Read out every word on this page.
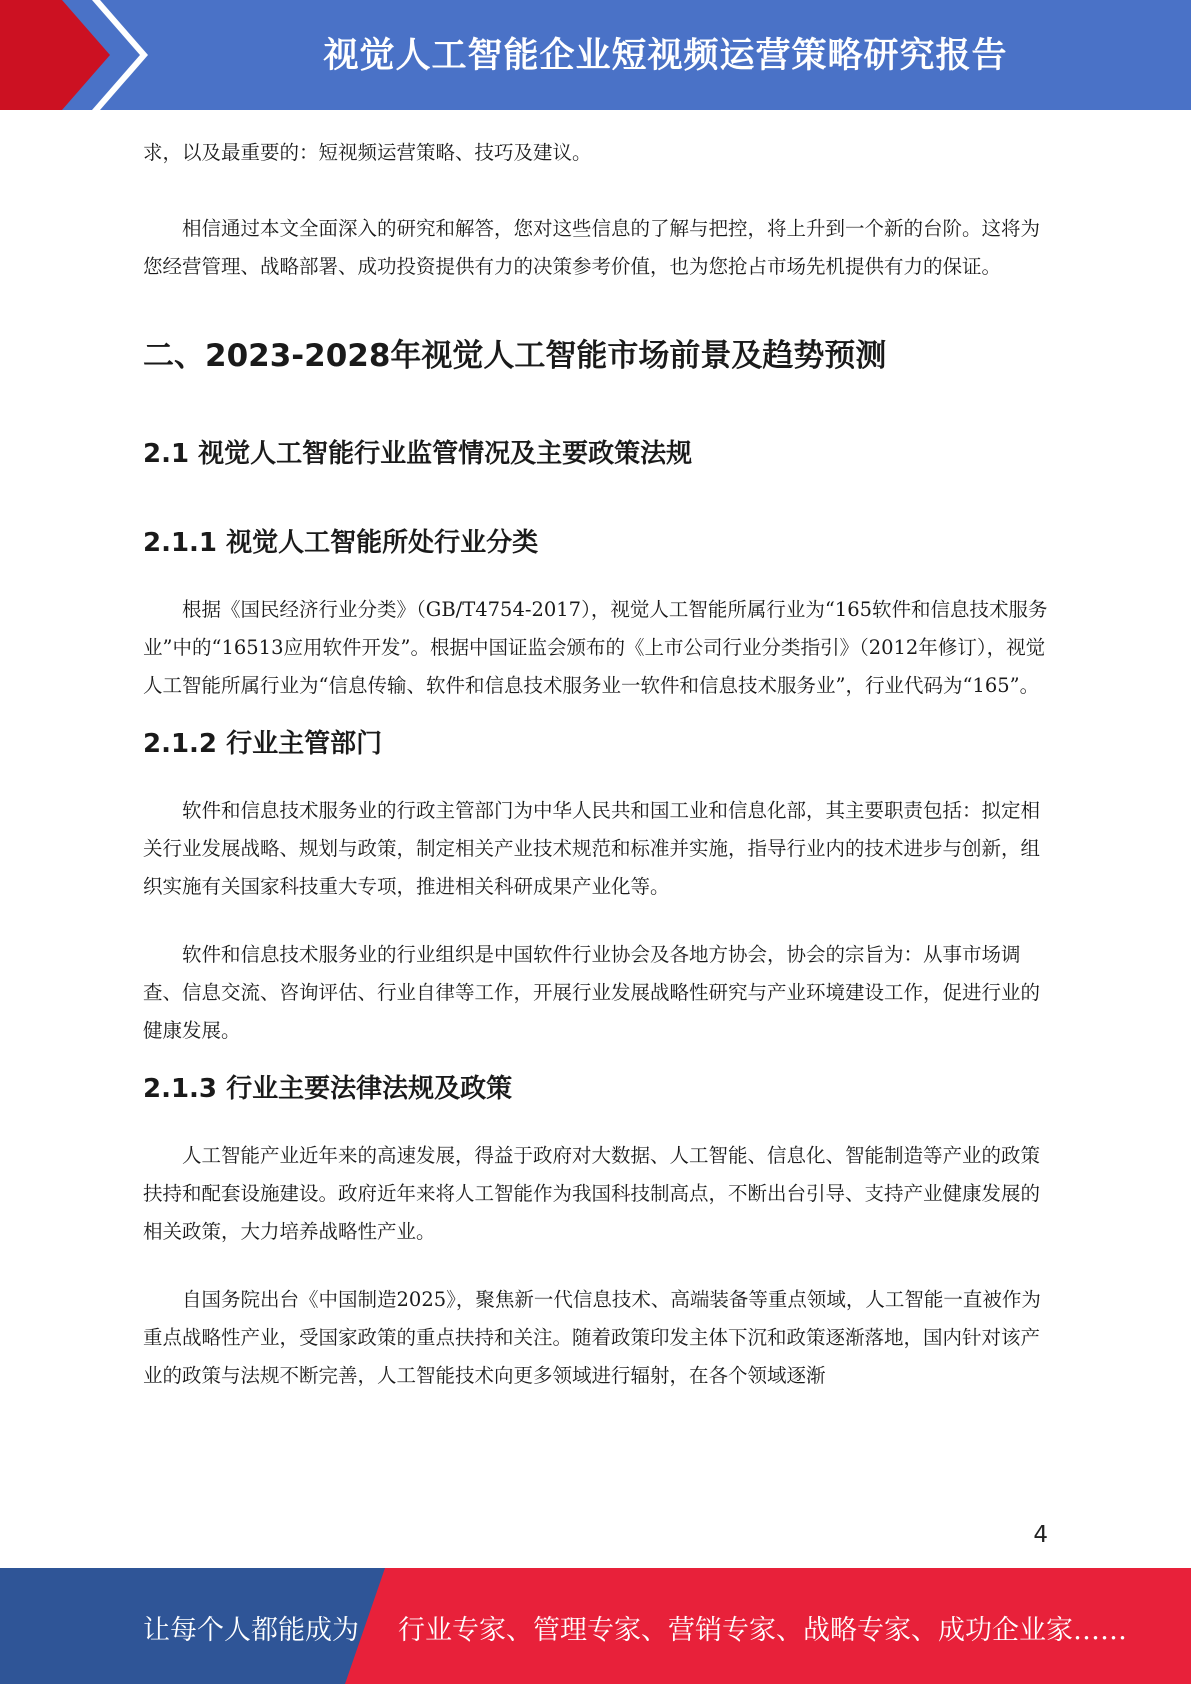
视觉人工智能企业短视频运营策略研究报告

求，以及最重要的：短视频运营策略、技巧及建议。

相信通过本文全面深入的研究和解答，您对这些信息的了解与把控，将上升到一个新的台阶。这将为您经营管理、战略部署、成功投资提供有力的决策参考价值，也为您抢占市场先机提供有力的保证。

二、2023-2028年视觉人工智能市场前景及趋势预测
2.1 视觉人工智能行业监管情况及主要政策法规
2.1.1 视觉人工智能所处行业分类

根据《国民经济行业分类》（GB/T4754-2017），视觉人工智能所属行业为“165软件和信息技术服务业”中的“16513应用软件开发”。根据中国证监会颁布的《上市公司行业分类指引》（2012年修订），视觉人工智能所属行业为“信息传输、软件和信息技术服务业一软件和信息技术服务业”，行业代码为“165”。

2.1.2 行业主管部门

软件和信息技术服务业的行政主管部门为中华人民共和国工业和信息化部，其主要职责包括：拟定相关行业发展战略、规划与政策，制定相关产业技术规范和标准并实施，指导行业内的技术进步与创新，组织实施有关国家科技重大专项，推进相关科研成果产业化等。

软件和信息技术服务业的行业组织是中国软件行业协会及各地方协会，协会的宗旨为：从事市场调查、信息交流、咨询评估、行业自律等工作，开展行业发展战略性研究与产业环境建设工作，促进行业的健康发展。

2.1.3 行业主要法律法规及政策

人工智能产业近年来的高速发展，得益于政府对大数据、人工智能、信息化、智能制造等产业的政策扶持和配套设施建设。政府近年来将人工智能作为我国科技制高点，不断出台引导、支持产业健康发展的相关政策，大力培养战略性产业。

自国务院出台《中国制造2025》，聚焦新一代信息技术、高端装备等重点领域，人工智能一直被作为重点战略性产业，受国家政策的重点扶持和关注。随着政策印发主体下沉和政策逐渐落地，国内针对该产业的政策与法规不断完善，人工智能技术向更多领域进行辐射，在各个领域逐渐

4
让每个人都能成为 行业专家、管理专家、营销专家、战略专家、成功企业家……
